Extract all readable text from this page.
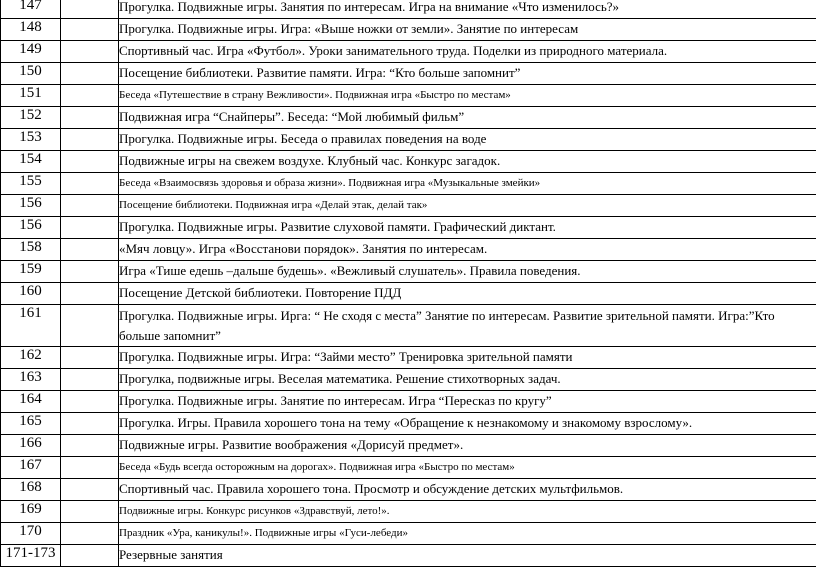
147		Прогулка. Подвижные игры. Занятия по интересам. Игра на внимание «Что изменилось?»
148		Прогулка. Подвижные игры. Игра: «Выше ножки от земли». Занятие по интересам
149		Спортивный час. Игра «Футбол». Уроки занимательного труда. Поделки из природного материала.
150		Посещение библиотеки. Развитие памяти. Игра: “Кто больше запомнит”
151		Беседа «Путешествие в страну Вежливости». Подвижная игра «Быстро по местам»
152		Подвижная игра “Снайперы”. Беседа: “Мой любимый фильм”
153		Прогулка. Подвижные игры. Беседа о правилах поведения на воде
154		Подвижные игры на свежем воздухе. Клубный час. Конкурс загадок.
155		Беседа «Взаимосвязь здоровья и образа жизни». Подвижная игра «Музыкальные змейки»
156		Посещение библиотеки. Подвижная игра «Делай этак, делай так»
156		Прогулка. Подвижные игры. Развитие слуховой памяти. Графический диктант.
158		«Мяч ловцу». Игра «Восстанови порядок». Занятия по интересам.
159		Игра «Тише едешь –дальше будешь». «Вежливый слушатель». Правила поведения.
160		Посещение Детской библиотеки. Повторение ПДД
161		Прогулка. Подвижные игры. Иргa: “ Не сходя с места” Занятие по интересам. Развитие зрительной памяти. Игра:”Кто больше запомнит”
162		Прогулка. Подвижные игры. Игра: “Займи место” Тренировка зрительной памяти
163		Прогулка, подвижные игры. Веселая математика. Решение стихотворных задач.
164		Прогулка. Подвижные игры. Занятие по интересам. Игра “Пересказ по кругу”
165		Прогулка. Игры. Правила хорошего тона на тему «Обращение к незнакомому и знакомому взрослому».
166		Подвижные игры. Развитие воображения «Дорисуй предмет».
167		Беседа «Будь всегда осторожным на дорогах». Подвижная игра «Быстро по местам»
168		Спортивный час. Правила хорошего тона. Просмотр и обсуждение детских мультфильмов.
169		Подвижные игры. Конкурс рисунков «Здравствуй, лето!».
170		Праздник «Ура, каникулы!». Подвижные игры «Гуси-лебеди»
171-173		Резервные занятия
